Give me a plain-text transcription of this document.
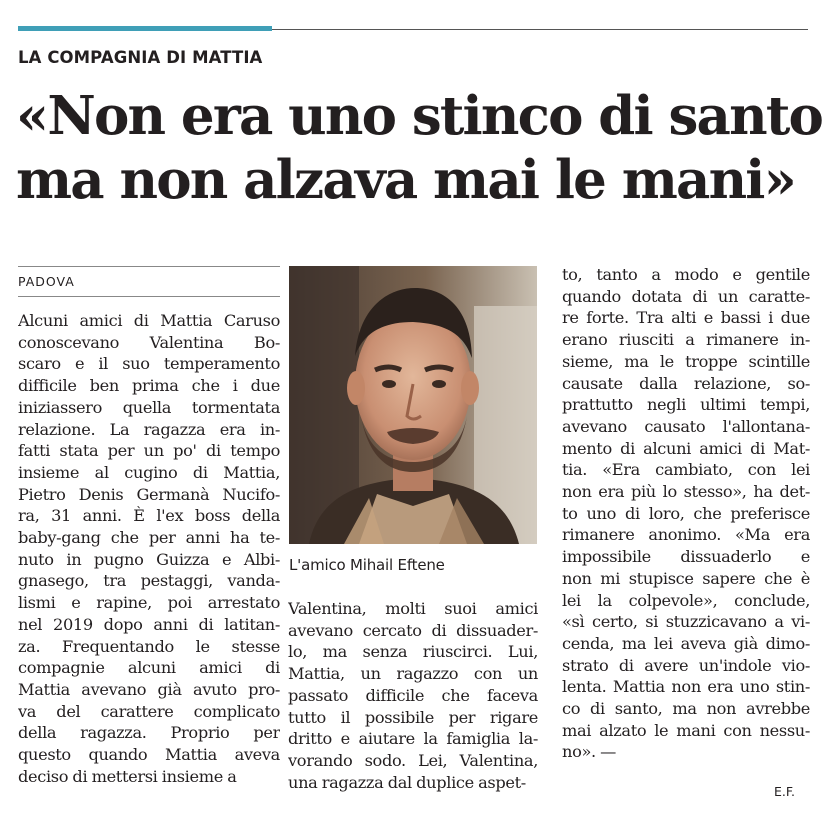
LA COMPAGNIA DI MATTIA
«Non era uno stinco di santo
ma non alzava mai le mani»
PADOVA
Alcuni amici di Mattia Caruso
conoscevano Valentina Bo-
scaro e il suo temperamento
difficile ben prima che i due
iniziassero quella tormentata
relazione. La ragazza era in-
fatti stata per un po' di tempo
insieme al cugino di Mattia,
Pietro Denis Germanà Nucifo-
ra, 31 anni. È l'ex boss della
baby-gang che per anni ha te-
nuto in pugno Guizza e Albi-
gnasego, tra pestaggi, vanda-
lismi e rapine, poi arrestato
nel 2019 dopo anni di latitan-
za. Frequentando le stesse
compagnie alcuni amici di
Mattia avevano già avuto pro-
va del carattere complicato
della ragazza. Proprio per
questo quando Mattia aveva
deciso di mettersi insieme a
L'amico Mihail Eftene
Valentina, molti suoi amici
avevano cercato di dissuader-
lo, ma senza riuscirci. Lui,
Mattia, un ragazzo con un
passato difficile che faceva
tutto il possibile per rigare
dritto e aiutare la famiglia la-
vorando sodo. Lei, Valentina,
una ragazza dal duplice aspet-
to, tanto a modo e gentile
quando dotata di un caratte-
re forte. Tra alti e bassi i due
erano riusciti a rimanere in-
sieme, ma le troppe scintille
causate dalla relazione, so-
prattutto negli ultimi tempi,
avevano causato l'allontana-
mento di alcuni amici di Mat-
tia. «Era cambiato, con lei
non era più lo stesso», ha det-
to uno di loro, che preferisce
rimanere anonimo. «Ma era
impossibile dissuaderlo e
non mi stupisce sapere che è
lei la colpevole», conclude,
«sì certo, si stuzzicavano a vi-
cenda, ma lei aveva già dimo-
strato di avere un'indole vio-
lenta. Mattia non era uno stin-
co di santo, ma non avrebbe
mai alzato le mani con nessu-
no». —
E.F.
